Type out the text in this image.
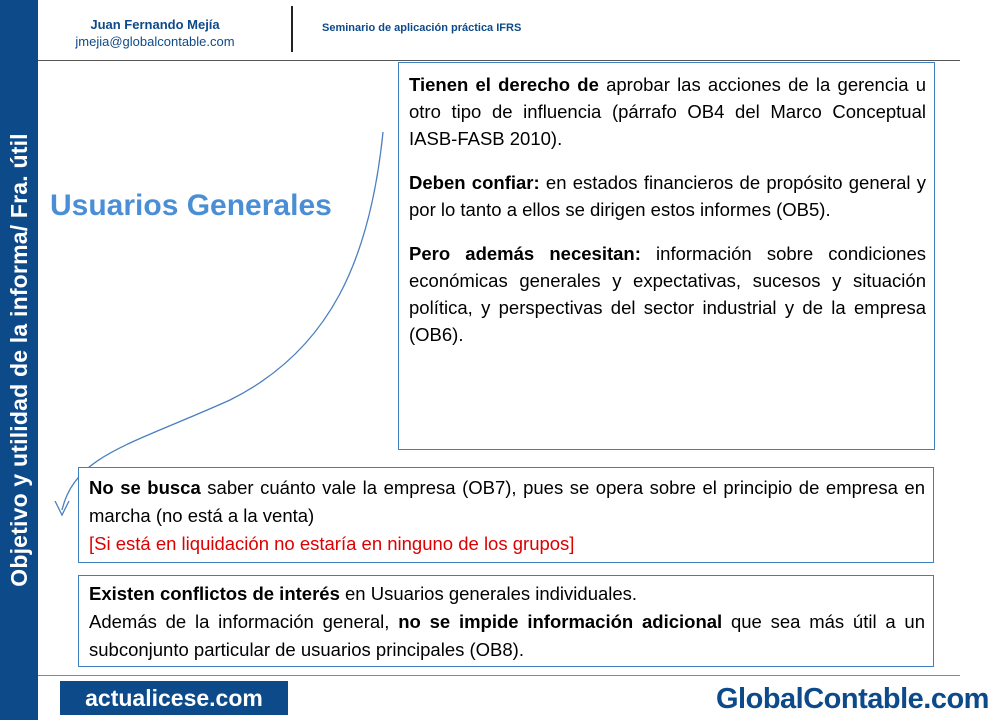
Objetivo y utilidad de la informa/ Fra. útil
Juan Fernando Mejía
jmejia@globalcontable.com
Seminario de aplicación práctica IFRS
Usuarios Generales

Tienen el derecho de aprobar las acciones de la gerencia u otro tipo de influencia (párrafo OB4 del Marco Conceptual IASB-FASB 2010).

Deben confiar: en estados financieros de propósito general y por lo tanto a ellos se dirigen estos informes (OB5).

Pero además necesitan: información sobre condiciones económicas generales y expectativas, sucesos y situación política, y perspectivas del sector industrial y de la empresa (OB6).

No se busca saber cuánto vale la empresa (OB7), pues se opera sobre el principio de empresa en marcha (no está a la venta)
[Si está en liquidación no estaría en ninguno de los grupos]
Existen conflictos de interés en Usuarios generales individuales.
Además de la información general, no se impide información adicional que sea más útil a un subconjunto particular de usuarios principales (OB8).
actualicese.com	GlobalContable.com
